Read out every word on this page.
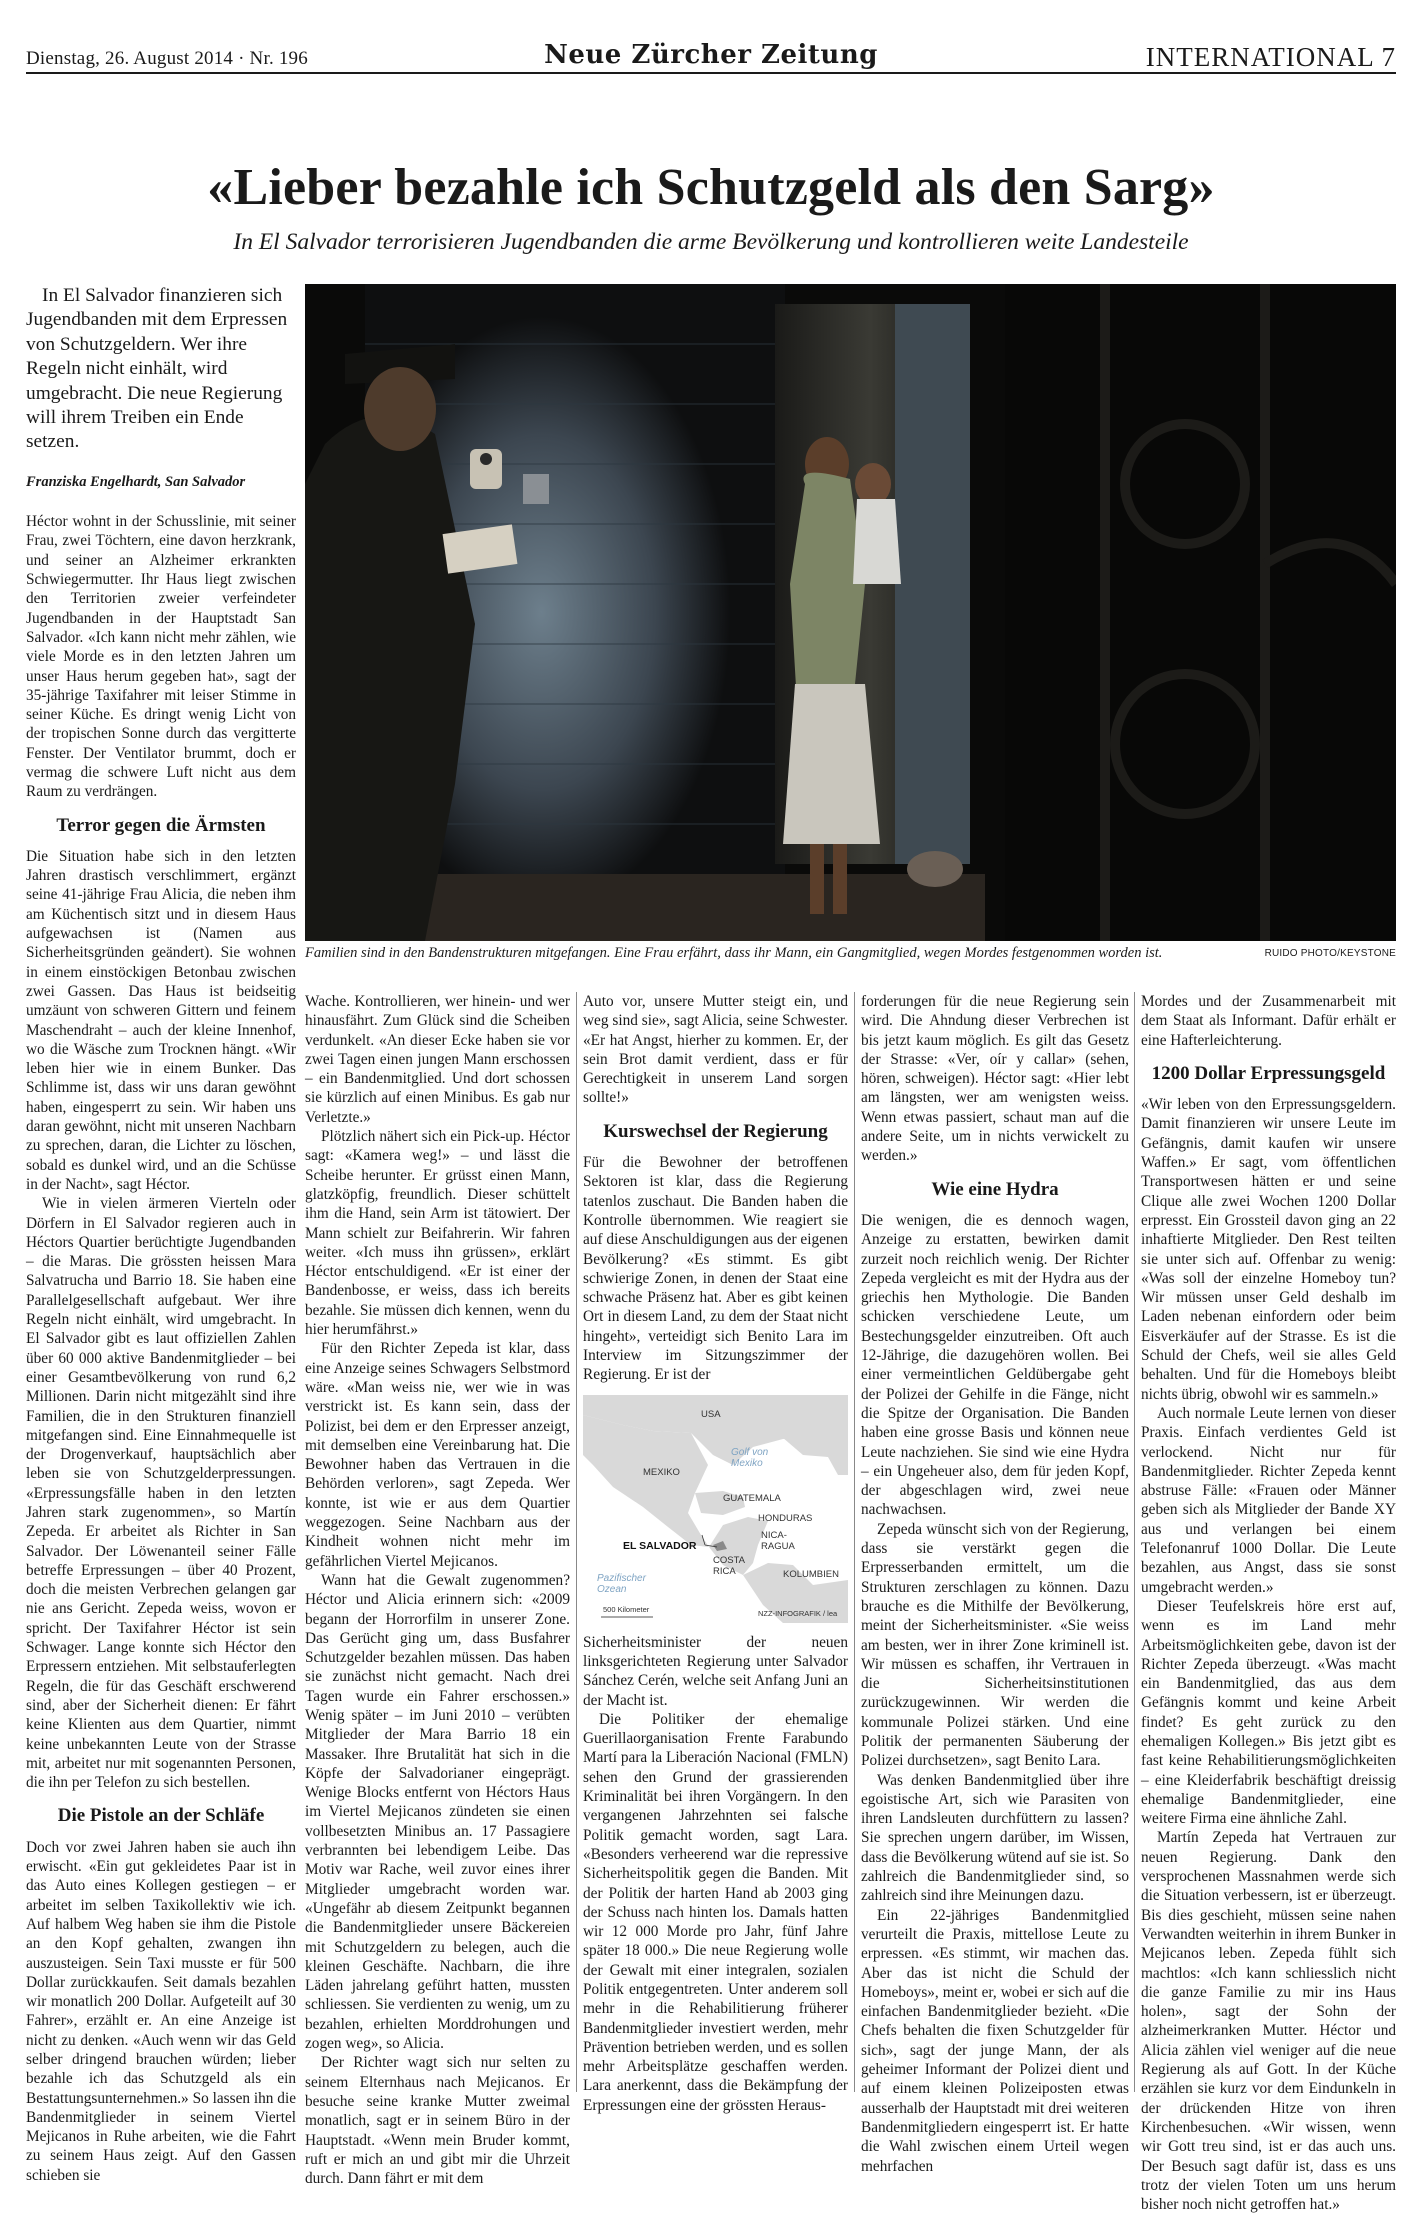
Dienstag, 26. August 2014 · Nr. 196	Neue Zürcher Zeitung	INTERNATIONAL 7
«Lieber bezahle ich Schutzgeld als den Sarg»
In El Salvador terrorisieren Jugendbanden die arme Bevölkerung und kontrollieren weite Landesteile

In El Salvador finanzieren sich Jugendbanden mit dem Erpressen von Schutzgeldern. Wer ihre Regeln nicht einhält, wird umgebracht. Die neue Regierung will ihrem Treiben ein Ende setzen.

Franziska Engelhardt, San Salvador

Héctor wohnt in der Schusslinie, mit seiner Frau, zwei Töchtern, eine davon herzkrank, und seiner an Alzheimer erkrankten Schwiegermutter. Ihr Haus liegt zwischen den Territorien zweier verfeindeter Jugendbanden in der Hauptstadt San Salvador. «Ich kann nicht mehr zählen, wie viele Morde es in den letzten Jahren um unser Haus herum gegeben hat», sagt der 35-jährige Taxifahrer mit leiser Stimme in seiner Küche. Es dringt wenig Licht von der tropischen Sonne durch das vergitterte Fenster. Der Ventilator brummt, doch er vermag die schwere Luft nicht aus dem Raum zu verdrängen.

Terror gegen die Ärmsten

Die Situation habe sich in den letzten Jahren drastisch verschlimmert, ergänzt seine 41-jährige Frau Alicia, die neben ihm am Küchentisch sitzt und in diesem Haus aufgewachsen ist (Namen aus Sicherheitsgründen geändert). Sie wohnen in einem einstöckigen Betonbau zwischen zwei Gassen. Das Haus ist beidseitig umzäunt von schweren Gittern und feinem Maschendraht – auch der kleine Innenhof, wo die Wäsche zum Trocknen hängt. «Wir leben hier wie in einem Bunker. Das Schlimme ist, dass wir uns daran gewöhnt haben, eingesperrt zu sein. Wir haben uns daran gewöhnt, nicht mit unseren Nachbarn zu sprechen, daran, die Lichter zu löschen, sobald es dunkel wird, und an die Schüsse in der Nacht», sagt Héctor.

Wie in vielen ärmeren Vierteln oder Dörfern in El Salvador regieren auch in Héctors Quartier berüchtigte Jugendbanden – die Maras. Die grössten heissen Mara Salvatrucha und Barrio 18. Sie haben eine Parallelgesellschaft aufgebaut. Wer ihre Regeln nicht einhält, wird umgebracht. In El Salvador gibt es laut offiziellen Zahlen über 60 000 aktive Bandenmitglieder – bei einer Gesamtbevölkerung von rund 6,2 Millionen. Darin nicht mitgezählt sind ihre Familien, die in den Strukturen finanziell mitgefangen sind. Eine Einnahmequelle ist der Drogenverkauf, hauptsächlich aber leben sie von Schutzgelderpressungen. «Erpressungsfälle haben in den letzten Jahren stark zugenommen», so Martín Zepeda. Er arbeitet als Richter in San Salvador. Der Löwenanteil seiner Fälle betreffe Erpressungen – über 40 Prozent, doch die meisten Verbrechen gelangen gar nie ans Gericht. Zepeda weiss, wovon er spricht. Der Taxifahrer Héctor ist sein Schwager. Lange konnte sich Héctor den Erpressern entziehen. Mit selbstauferlegten Regeln, die für das Geschäft erschwerend sind, aber der Sicherheit dienen: Er fährt keine Klienten aus dem Quartier, nimmt keine unbekannten Leute von der Strasse mit, arbeitet nur mit sogenannten Personen, die ihn per Telefon zu sich bestellen.

Die Pistole an der Schläfe

Doch vor zwei Jahren haben sie auch ihn erwischt. «Ein gut gekleidetes Paar ist in das Auto eines Kollegen gestiegen – er arbeitet im selben Taxikollektiv wie ich. Auf halbem Weg haben sie ihm die Pistole an den Kopf gehalten, zwangen ihn auszusteigen. Sein Taxi musste er für 500 Dollar zurückkaufen. Seit damals bezahlen wir monatlich 200 Dollar. Aufgeteilt auf 30 Fahrer», erzählt er. An eine Anzeige ist nicht zu denken. «Auch wenn wir das Geld selber dringend brauchen würden; lieber bezahle ich das Schutzgeld als ein Bestattungsunternehmen.» So lassen ihn die Bandenmitglieder in seinem Viertel Mejicanos in Ruhe arbeiten, wie die Fahrt zu seinem Haus zeigt. Auf den Gassen schieben sie

Familien sind in den Bandenstrukturen mitgefangen. Eine Frau erfährt, dass ihr Mann, ein Gangmitglied, wegen Mordes festgenommen worden ist.	RUIDO PHOTO/KEYSTONE

Wache. Kontrollieren, wer hinein- und wer hinausfährt. Zum Glück sind die Scheiben verdunkelt. «An dieser Ecke haben sie vor zwei Tagen einen jungen Mann erschossen – ein Bandenmitglied. Und dort schossen sie kürzlich auf einen Minibus. Es gab nur Verletzte.»

Plötzlich nähert sich ein Pick-up. Héctor sagt: «Kamera weg!» – und lässt die Scheibe herunter. Er grüsst einen Mann, glatzköpfig, freundlich. Dieser schüttelt ihm die Hand, sein Arm ist tätowiert. Der Mann schielt zur Beifahrerin. Wir fahren weiter. «Ich muss ihn grüssen», erklärt Héctor entschuldigend. «Er ist einer der Bandenbosse, er weiss, dass ich bereits bezahle. Sie müssen dich kennen, wenn du hier herumfährst.»

Für den Richter Zepeda ist klar, dass eine Anzeige seines Schwagers Selbstmord wäre. «Man weiss nie, wer wie in was verstrickt ist. Es kann sein, dass der Polizist, bei dem er den Erpresser anzeigt, mit demselben eine Vereinbarung hat. Die Bewohner haben das Vertrauen in die Behörden verloren», sagt Zepeda. Wer konnte, ist wie er aus dem Quartier weggezogen. Seine Nachbarn aus der Kindheit wohnen nicht mehr im gefährlichen Viertel Mejicanos.

Wann hat die Gewalt zugenommen? Héctor und Alicia erinnern sich: «2009 begann der Horrorfilm in unserer Zone. Das Gerücht ging um, dass Busfahrer Schutzgelder bezahlen müssen. Das haben sie zunächst nicht gemacht. Nach drei Tagen wurde ein Fahrer erschossen.» Wenig später – im Juni 2010 – verübten Mitglieder der Mara Barrio 18 ein Massaker. Ihre Brutalität hat sich in die Köpfe der Salvadorianer eingeprägt. Wenige Blocks entfernt von Héctors Haus im Viertel Mejicanos zündeten sie einen vollbesetzten Minibus an. 17 Passagiere verbrannten bei lebendigem Leibe. Das Motiv war Rache, weil zuvor eines ihrer Mitglieder umgebracht worden war. «Ungefähr ab diesem Zeitpunkt begannen die Bandenmitglieder unsere Bäckereien mit Schutzgeldern zu belegen, auch die kleinen Geschäfte. Nachbarn, die ihre Läden jahrelang geführt hatten, mussten schliessen. Sie verdienten zu wenig, um zu bezahlen, erhielten Morddrohungen und zogen weg», so Alicia.

Der Richter wagt sich nur selten zu seinem Elternhaus nach Mejicanos. Er besuche seine kranke Mutter zweimal monatlich, sagt er in seinem Büro in der Hauptstadt. «Wenn mein Bruder kommt, ruft er mich an und gibt mir die Uhrzeit durch. Dann fährt er mit dem

Auto vor, unsere Mutter steigt ein, und weg sind sie», sagt Alicia, seine Schwester. «Er hat Angst, hierher zu kommen. Er, der sein Brot damit verdient, dass er für Gerechtigkeit in unserem Land sorgen sollte!»

Kurswechsel der Regierung

Für die Bewohner der betroffenen Sektoren ist klar, dass die Regierung tatenlos zuschaut. Die Banden haben die Kontrolle übernommen. Wie reagiert sie auf diese Anschuldigungen aus der eigenen Bevölkerung? «Es stimmt. Es gibt schwierige Zonen, in denen der Staat eine schwache Präsenz hat. Aber es gibt keinen Ort in diesem Land, zu dem der Staat nicht hingeht», verteidigt sich Benito Lara im Interview im Sitzungszimmer der Regierung. Er ist der

Sicherheitsminister der neuen linksgerichteten Regierung unter Salvador Sánchez Cerén, welche seit Anfang Juni an der Macht ist.

Die Politiker der ehemalige Guerillaorganisation Frente Farabundo Martí para la Liberación Nacional (FMLN) sehen den Grund der grassierenden Kriminalität bei ihren Vorgängern. In den vergangenen Jahrzehnten sei falsche Politik gemacht worden, sagt Lara. «Besonders verheerend war die repressive Sicherheitspolitik gegen die Banden. Mit der Politik der harten Hand ab 2003 ging der Schuss nach hinten los. Damals hatten wir 12 000 Morde pro Jahr, fünf Jahre später 18 000.» Die neue Regierung wolle der Gewalt mit einer integralen, sozialen Politik entgegentreten. Unter anderem soll mehr in die Rehabilitierung früherer Bandenmitglieder investiert werden, mehr Prävention betrieben werden, und es sollen mehr Arbeitsplätze geschaffen werden. Lara anerkennt, dass die Bekämpfung der Erpressungen eine der grössten Heraus-

USA
MEXIKO
Golf von Mexiko
GUATEMALA
HONDURAS
NICA-RAGUA
EL SALVADOR
COSTA RICA	KOLUMBIEN
Pazifischer Ozean
500 Kilometer	NZZ-INFOGRAFIK / lea

forderungen für die neue Regierung sein wird. Die Ahndung dieser Verbrechen ist bis jetzt kaum möglich. Es gilt das Gesetz der Strasse: «Ver, oír y callar» (sehen, hören, schweigen). Héctor sagt: «Hier lebt am längsten, wer am wenigsten weiss. Wenn etwas passiert, schaut man auf die andere Seite, um in nichts verwickelt zu werden.»

Wie eine Hydra

Die wenigen, die es dennoch wagen, Anzeige zu erstatten, bewirken damit zurzeit noch reichlich wenig. Der Richter Zepeda vergleicht es mit der Hydra aus der griechis hen Mythologie. Die Banden schicken verschiedene Leute, um Bestechungsgelder einzutreiben. Oft auch 12-Jährige, die dazugehören wollen. Bei einer vermeintlichen Geldübergabe geht der Polizei der Gehilfe in die Fänge, nicht die Spitze der Organisation. Die Banden haben eine grosse Basis und können neue Leute nachziehen. Sie sind wie eine Hydra – ein Ungeheuer also, dem für jeden Kopf, der abgeschlagen wird, zwei neue nachwachsen.

Zepeda wünscht sich von der Regierung, dass sie verstärkt gegen die Erpresserbanden ermittelt, um die Strukturen zerschlagen zu können. Dazu brauche es die Mithilfe der Bevölkerung, meint der Sicherheitsminister. «Sie weiss am besten, wer in ihrer Zone kriminell ist. Wir müssen es schaffen, ihr Vertrauen in die Sicherheitsinstitutionen zurückzugewinnen. Wir werden die kommunale Polizei stärken. Und eine Politik der permanenten Säuberung der Polizei durchsetzen», sagt Benito Lara.

Was denken Bandenmitglied über ihre egoistische Art, sich wie Parasiten von ihren Landsleuten durchfüttern zu lassen? Sie sprechen ungern darüber, im Wissen, dass die Bevölkerung wütend auf sie ist. So zahlreich die Bandenmitglieder sind, so zahlreich sind ihre Meinungen dazu.

Ein 22-jähriges Bandenmitglied verurteilt die Praxis, mittellose Leute zu erpressen. «Es stimmt, wir machen das. Aber das ist nicht die Schuld der Homeboys», meint er, wobei er sich auf die einfachen Bandenmitglieder bezieht. «Die Chefs behalten die fixen Schutzgelder für sich», sagt der junge Mann, der als geheimer Informant der Polizei dient und auf einem kleinen Polizeiposten etwas ausserhalb der Hauptstadt mit drei weiteren Bandenmitgliedern eingesperrt ist. Er hatte die Wahl zwischen einem Urteil wegen mehrfachen

Mordes und der Zusammenarbeit mit dem Staat als Informant. Dafür erhält er eine Hafterleichterung.

1200 Dollar Erpressungsgeld

«Wir leben von den Erpressungsgeldern. Damit finanzieren wir unsere Leute im Gefängnis, damit kaufen wir unsere Waffen.» Er sagt, vom öffentlichen Transportwesen hätten er und seine Clique alle zwei Wochen 1200 Dollar erpresst. Ein Grossteil davon ging an 22 inhaftierte Mitglieder. Den Rest teilten sie unter sich auf. Offenbar zu wenig: «Was soll der einzelne Homeboy tun? Wir müssen unser Geld deshalb im Laden nebenan einfordern oder beim Eisverkäufer auf der Strasse. Es ist die Schuld der Chefs, weil sie alles Geld behalten. Und für die Homeboys bleibt nichts übrig, obwohl wir es sammeln.»

Auch normale Leute lernen von dieser Praxis. Einfach verdientes Geld ist verlockend. Nicht nur für Bandenmitglieder. Richter Zepeda kennt abstruse Fälle: «Frauen oder Männer geben sich als Mitglieder der Bande XY aus und verlangen bei einem Telefonanruf 1000 Dollar. Die Leute bezahlen, aus Angst, dass sie sonst umgebracht werden.»

Dieser Teufelskreis höre erst auf, wenn es im Land mehr Arbeitsmöglichkeiten gebe, davon ist der Richter Zepeda überzeugt. «Was macht ein Bandenmitglied, das aus dem Gefängnis kommt und keine Arbeit findet? Es geht zurück zu den ehemaligen Kollegen.» Bis jetzt gibt es fast keine Rehabilitierungsmöglichkeiten – eine Kleiderfabrik beschäftigt dreissig ehemalige Bandenmitglieder, eine weitere Firma eine ähnliche Zahl.

Martín Zepeda hat Vertrauen zur neuen Regierung. Dank den versprochenen Massnahmen werde sich die Situation verbessern, ist er überzeugt. Bis dies geschieht, müssen seine nahen Verwandten weiterhin in ihrem Bunker in Mejicanos leben. Zepeda fühlt sich machtlos: «Ich kann schliesslich nicht die ganze Familie zu mir ins Haus holen», sagt der Sohn der alzheimerkranken Mutter. Héctor und Alicia zählen viel weniger auf die neue Regierung als auf Gott. In der Küche erzählen sie kurz vor dem Eindunkeln in der drückenden Hitze von ihren Kirchenbesuchen. «Wir wissen, wenn wir Gott treu sind, ist er das auch uns. Der Besuch sagt dafür ist, dass es uns trotz der vielen Toten um uns herum bisher noch nicht getroffen hat.»
